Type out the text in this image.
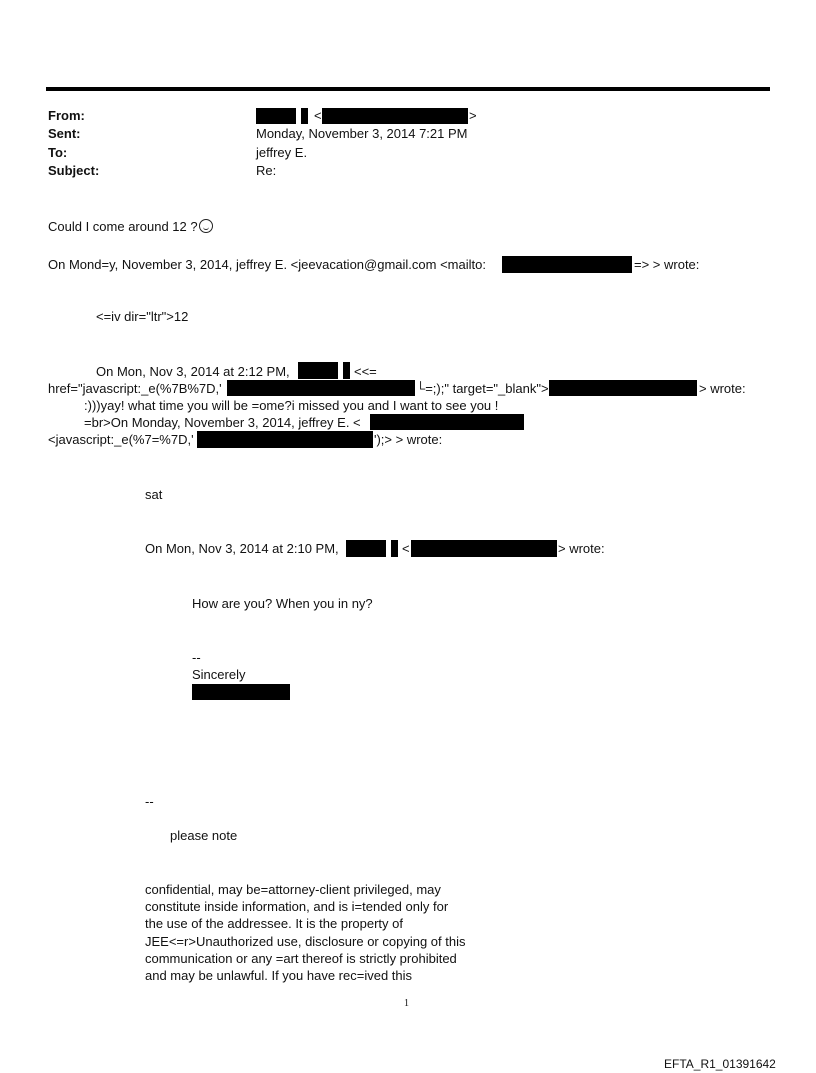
From:	<	>
Sent:	Monday, November 3, 2014 7:21 PM
To:	jeffrey E.
Subject:	Re:
Could I come around 12 ?
On Mond=y, November 3, 2014, jeffrey E. <jeevacation@gmail.com <mailto:	=> > wrote:
<=iv dir="ltr">12
On Mon, Nov 3, 2014 at 2:12 PM,	<<=
href="javascript:_e(%7B%7D,'	└=;);" target="_blank">	> wrote:
:)))yay! what time you will be =ome?i missed you and I want to see you !
=br>On Monday, November 3, 2014, jeffrey E. <
<javascript:_e(%7=%7D,'	');> > wrote:
sat
On Mon, Nov 3, 2014 at 2:10 PM,	<	> wrote:
How are you? When you in ny?
--
Sincerely
--
please note
confidential, may be=attorney-client privileged, may
constitute inside information, and is i=tended only for
the use of the addressee. It is the property of
JEE<=r>Unauthorized use, disclosure or copying of this
communication or any =art thereof is strictly prohibited
and may be unlawful. If you have rec=ived this
1
EFTA_R1_01391642
